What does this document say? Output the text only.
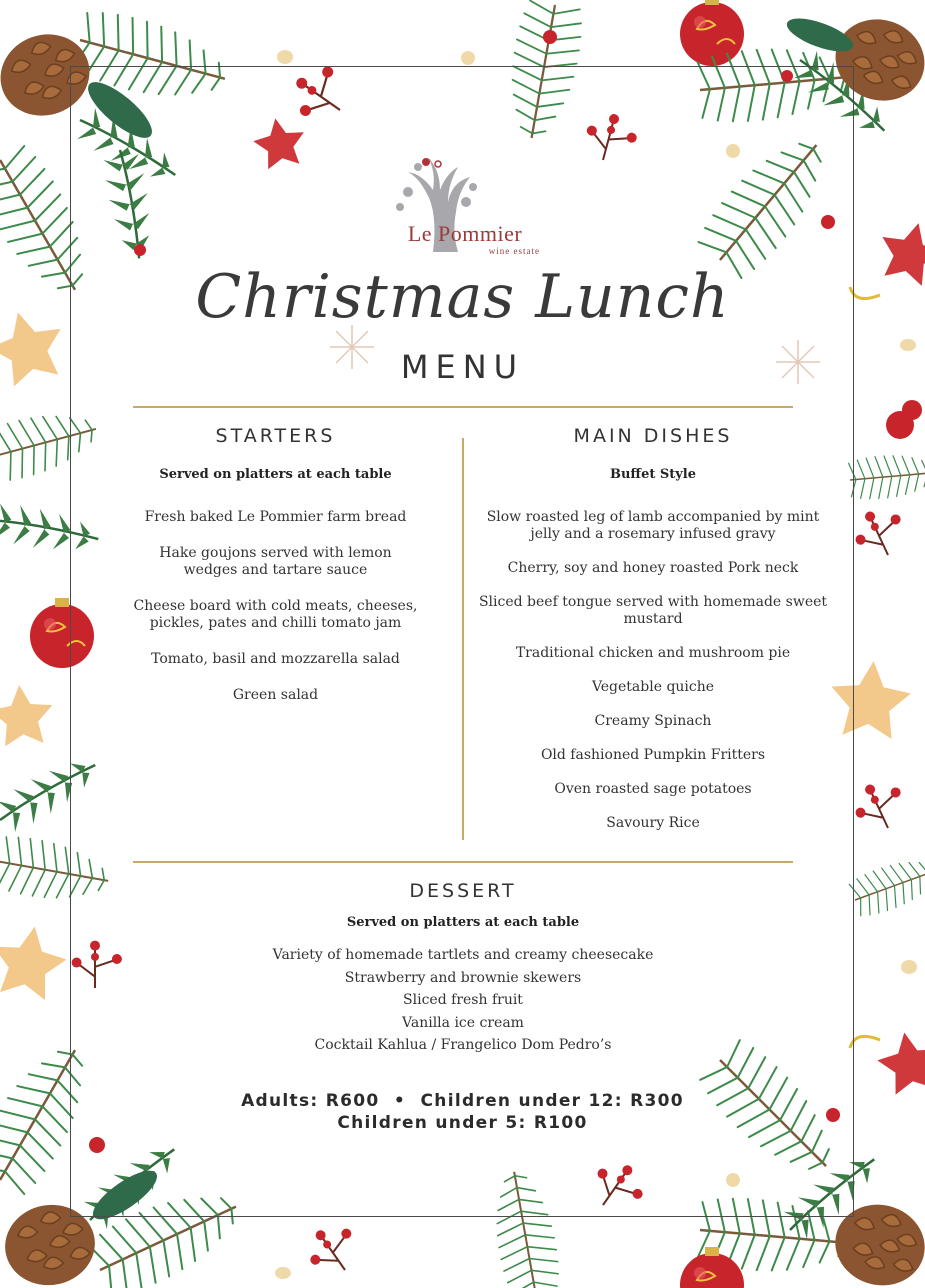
Le Pommier
wine estate
Christmas Lunch
MENU
STARTERS
Served on platters at each table

Fresh baked Le Pommier farm bread

Hake goujons served with lemon wedges and tartare sauce

Cheese board with cold meats, cheeses, pickles, pates and chilli tomato jam

Tomato, basil and mozzarella salad

Green salad

MAIN DISHES
Buffet Style

Slow roasted leg of lamb accompanied by mint jelly and a rosemary infused gravy

Cherry, soy and honey roasted Pork neck

Sliced beef tongue served with homemade sweet mustard

Traditional chicken and mushroom pie

Vegetable quiche

Creamy Spinach

Old fashioned Pumpkin Fritters

Oven roasted sage potatoes

Savoury Rice

DESSERT
Served on platters at each table

Variety of homemade tartlets and creamy cheesecake

Strawberry and brownie skewers

Sliced fresh fruit

Vanilla ice cream

Cocktail Kahlua / Frangelico Dom Pedro’s

Adults: R600  •  Children under 12: R300
Children under 5: R100
